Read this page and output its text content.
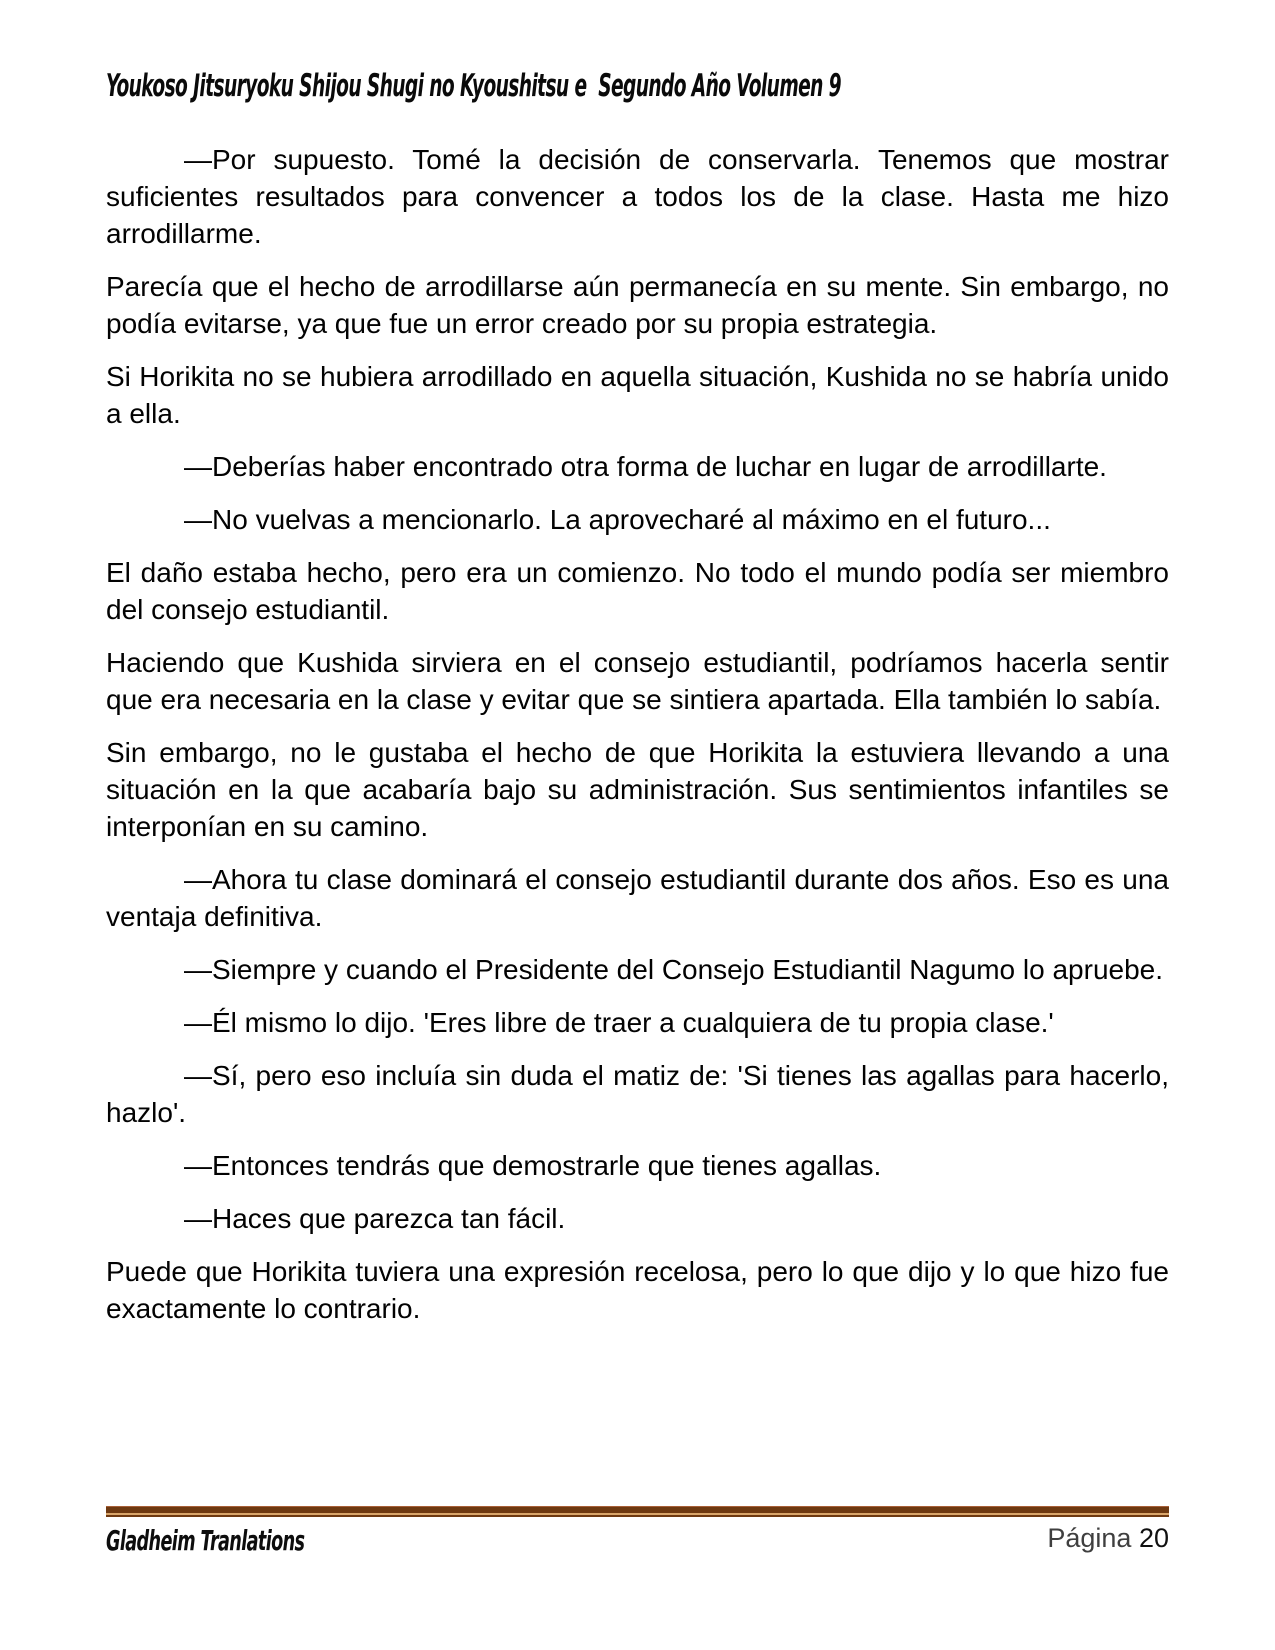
Youkoso Jitsuryoku Shijou Shugi no Kyoushitsu e  Segundo Año Volumen 9

—Por supuesto. Tomé la decisión de conservarla. Tenemos que mostrar suficientes resultados para convencer a todos los de la clase. Hasta me hizo arrodillarme.

Parecía que el hecho de arrodillarse aún permanecía en su mente. Sin embargo, no podía evitarse, ya que fue un error creado por su propia estrategia.

Si Horikita no se hubiera arrodillado en aquella situación, Kushida no se habría unido a ella.

—Deberías haber encontrado otra forma de luchar en lugar de arrodillarte.

—No vuelvas a mencionarlo. La aprovecharé al máximo en el futuro...

El daño estaba hecho, pero era un comienzo. No todo el mundo podía ser miembro del consejo estudiantil.

Haciendo que Kushida sirviera en el consejo estudiantil, podríamos hacerla sentir que era necesaria en la clase y evitar que se sintiera apartada. Ella también lo sabía.

Sin embargo, no le gustaba el hecho de que Horikita la estuviera llevando a una situación en la que acabaría bajo su administración. Sus sentimientos infantiles se interponían en su camino.

—Ahora tu clase dominará el consejo estudiantil durante dos años. Eso es una ventaja definitiva.

—Siempre y cuando el Presidente del Consejo Estudiantil Nagumo lo apruebe.

—Él mismo lo dijo. 'Eres libre de traer a cualquiera de tu propia clase.'

—Sí, pero eso incluía sin duda el matiz de: 'Si tienes las agallas para hacerlo, hazlo'.

—Entonces tendrás que demostrarle que tienes agallas.

—Haces que parezca tan fácil.

Puede que Horikita tuviera una expresión recelosa, pero lo que dijo y lo que hizo fue exactamente lo contrario.

Gladheim Tranlations	Página 20
